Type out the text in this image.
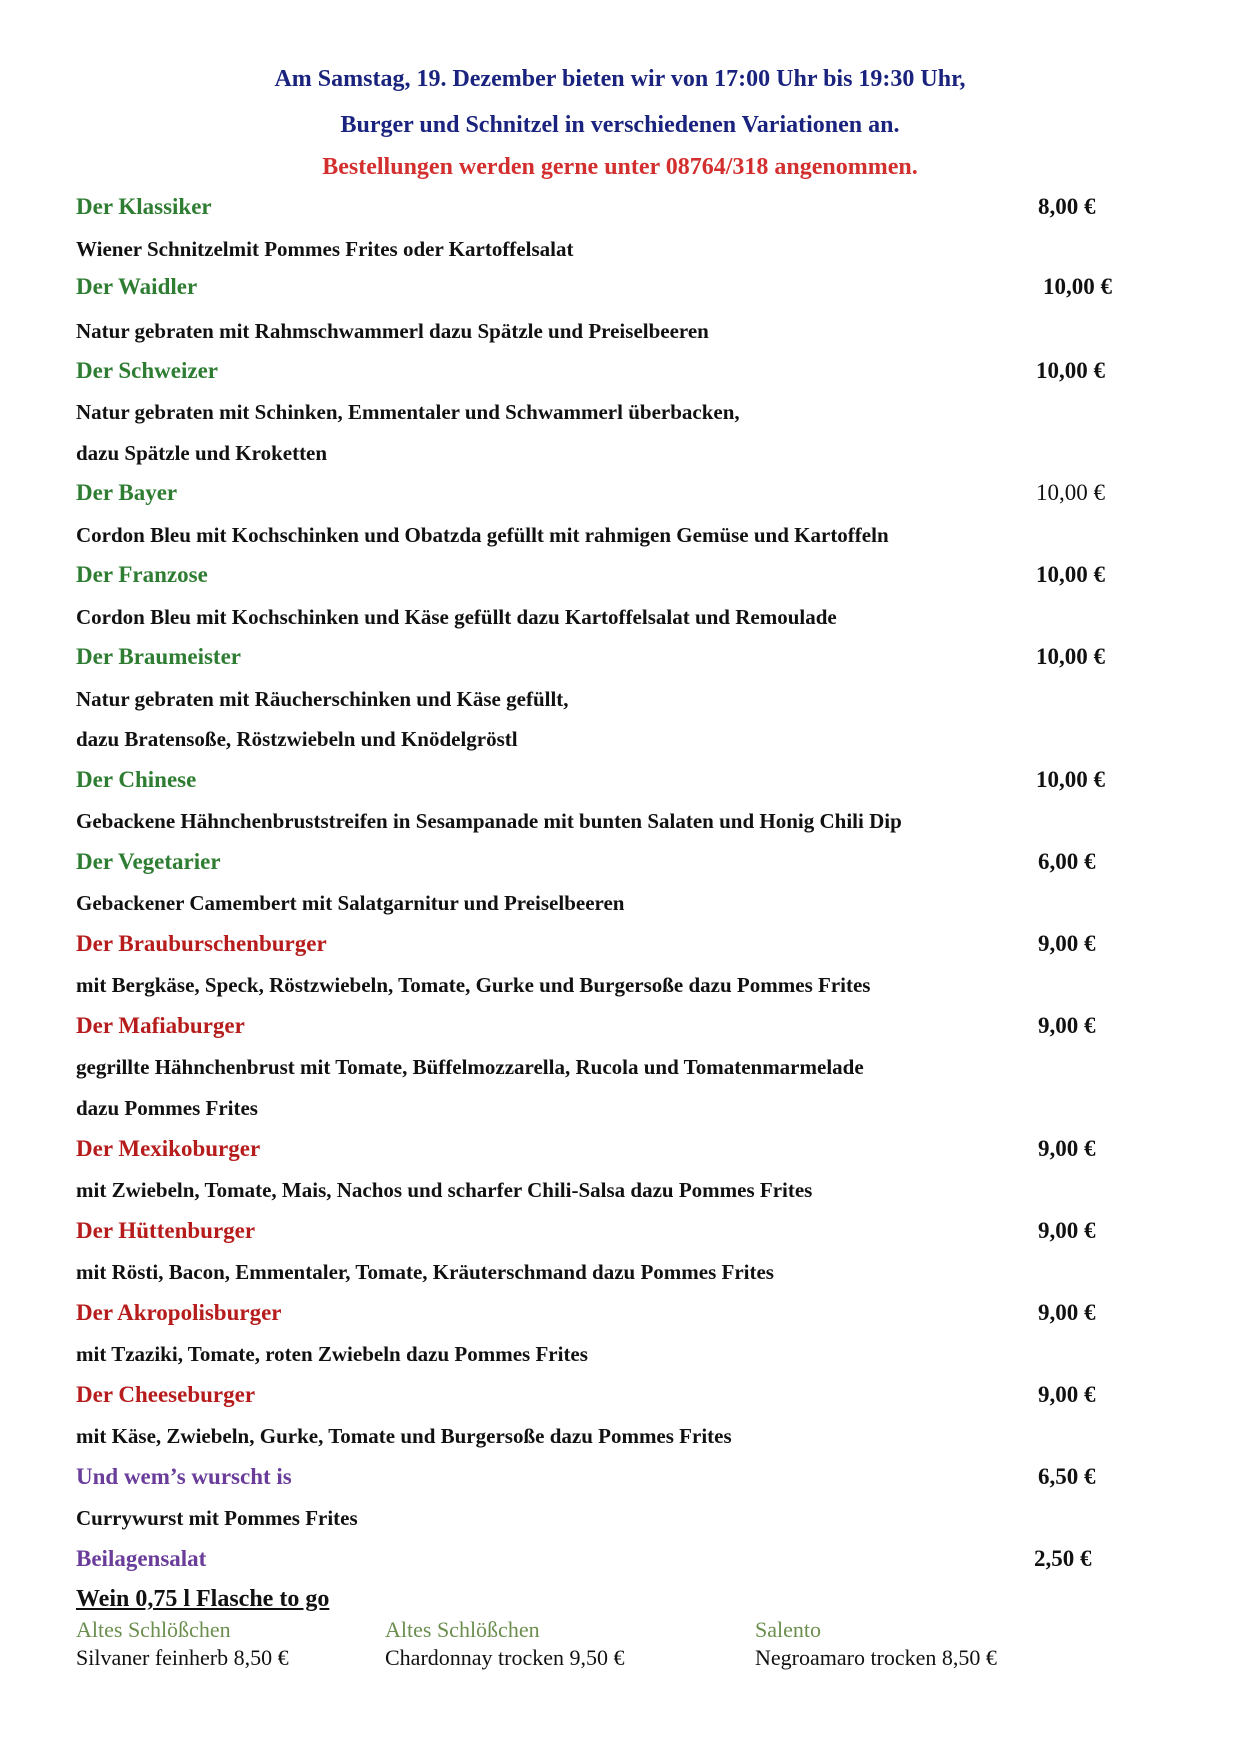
Am Samstag, 19. Dezember bieten wir von 17:00 Uhr bis 19:30 Uhr,
Burger und Schnitzel in verschiedenen Variationen an.
Bestellungen werden gerne unter 08764/318 angenommen.
Der Klassiker	8,00 €
Wiener Schnitzelmit Pommes Frites oder Kartoffelsalat
Der Waidler	10,00 €
Natur gebraten mit Rahmschwammerl dazu Spätzle und Preiselbeeren
Der Schweizer	10,00 €
Natur gebraten mit Schinken, Emmentaler und Schwammerl überbacken,
dazu Spätzle und Kroketten
Der Bayer	10,00 €
Cordon Bleu mit Kochschinken und Obatzda gefüllt mit rahmigen Gemüse und Kartoffeln
Der Franzose	10,00 €
Cordon Bleu mit Kochschinken und Käse gefüllt dazu Kartoffelsalat und Remoulade
Der Braumeister	10,00 €
Natur gebraten mit Räucherschinken und Käse gefüllt,
dazu Bratensoße, Röstzwiebeln und Knödelgröstl
Der Chinese	10,00 €
Gebackene Hähnchenbruststreifen in Sesampanade mit bunten Salaten und Honig Chili Dip
Der Vegetarier	6,00 €
Gebackener Camembert mit Salatgarnitur und Preiselbeeren
Der Brauburschenburger	9,00 €
mit Bergkäse, Speck, Röstzwiebeln, Tomate, Gurke und Burgersoße dazu Pommes Frites
Der Mafiaburger	9,00 €
gegrillte Hähnchenbrust mit Tomate, Büffelmozzarella, Rucola und Tomatenmarmelade
dazu Pommes Frites
Der Mexikoburger	9,00 €
mit Zwiebeln, Tomate, Mais, Nachos und scharfer Chili-Salsa dazu Pommes Frites
Der Hüttenburger	9,00 €
mit Rösti, Bacon, Emmentaler, Tomate, Kräuterschmand dazu Pommes Frites
Der Akropolisburger	9,00 €
mit Tzaziki, Tomate, roten Zwiebeln dazu Pommes Frites
Der Cheeseburger	9,00 €
mit Käse, Zwiebeln, Gurke, Tomate und Burgersoße dazu Pommes Frites
Und wem’s wurscht is	6,50 €
Currywurst mit Pommes Frites
Beilagensalat	2,50 €
Wein 0,75 l Flasche to go
Altes Schlößchen
Silvaner feinherb 8,50 €
Altes Schlößchen
Chardonnay trocken 9,50 €
Salento
Negroamaro trocken 8,50 €
